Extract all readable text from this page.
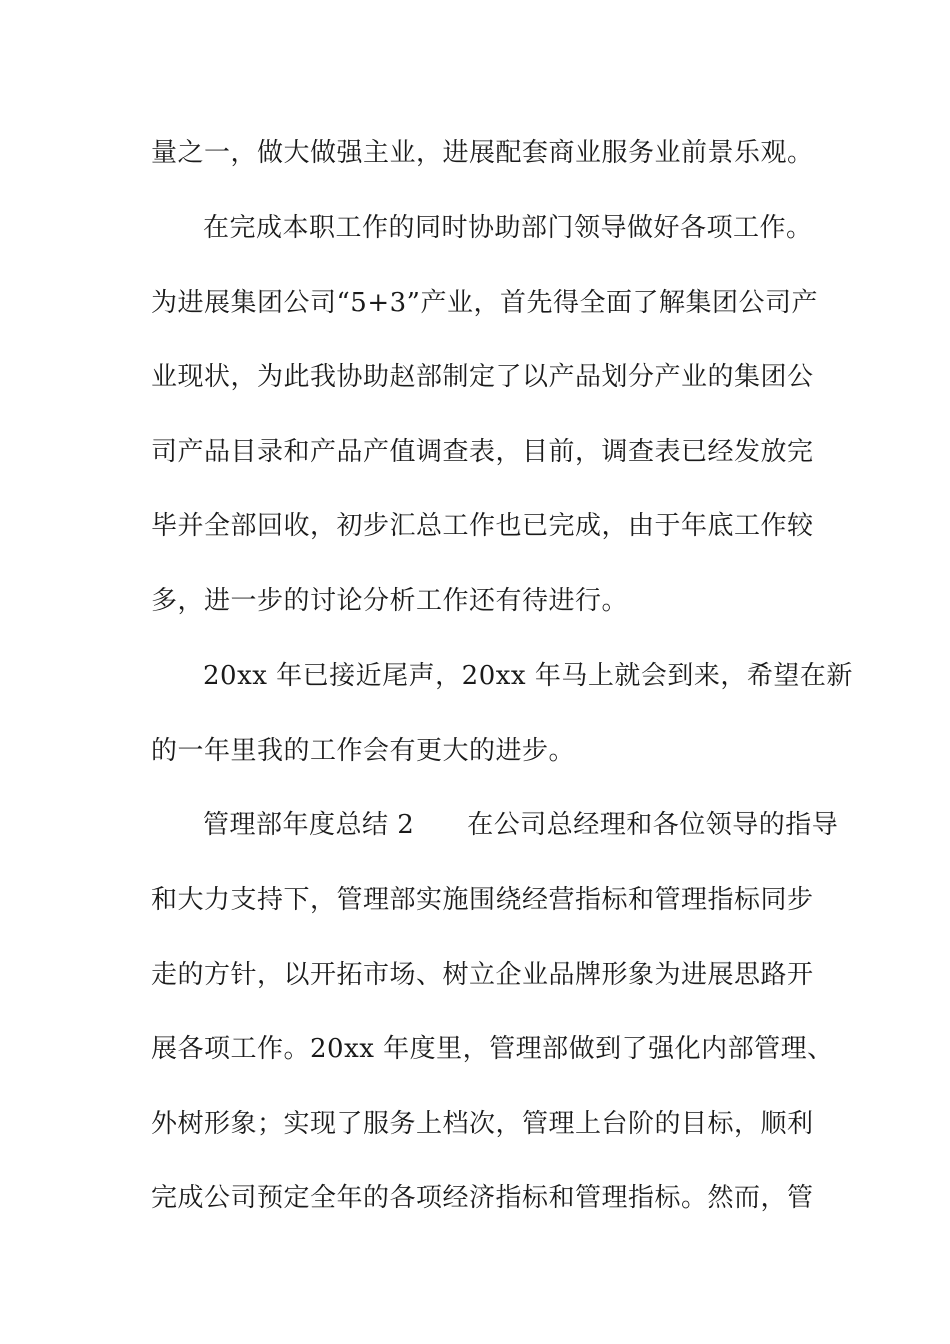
量之一，做大做强主业，进展配套商业服务业前景乐观。
在完成本职工作的同时协助部门领导做好各项工作。
为进展集团公司“5+3”产业，首先得全面了解集团公司产
业现状，为此我协助赵部制定了以产品划分产业的集团公
司产品目录和产品产值调查表，目前，调查表已经发放完
毕并全部回收，初步汇总工作也已完成，由于年底工作较
多，进一步的讨论分析工作还有待进行。
20xx 年已接近尾声，20xx 年马上就会到来，希望在新
的一年里我的工作会有更大的进步。
管理部年度总结 2　　在公司总经理和各位领导的指导
和大力支持下，管理部实施围绕经营指标和管理指标同步
走的方针，以开拓市场、树立企业品牌形象为进展思路开
展各项工作。20xx 年度里，管理部做到了强化内部管理、
外树形象；实现了服务上档次，管理上台阶的目标，顺利
完成公司预定全年的各项经济指标和管理指标。然而，管
